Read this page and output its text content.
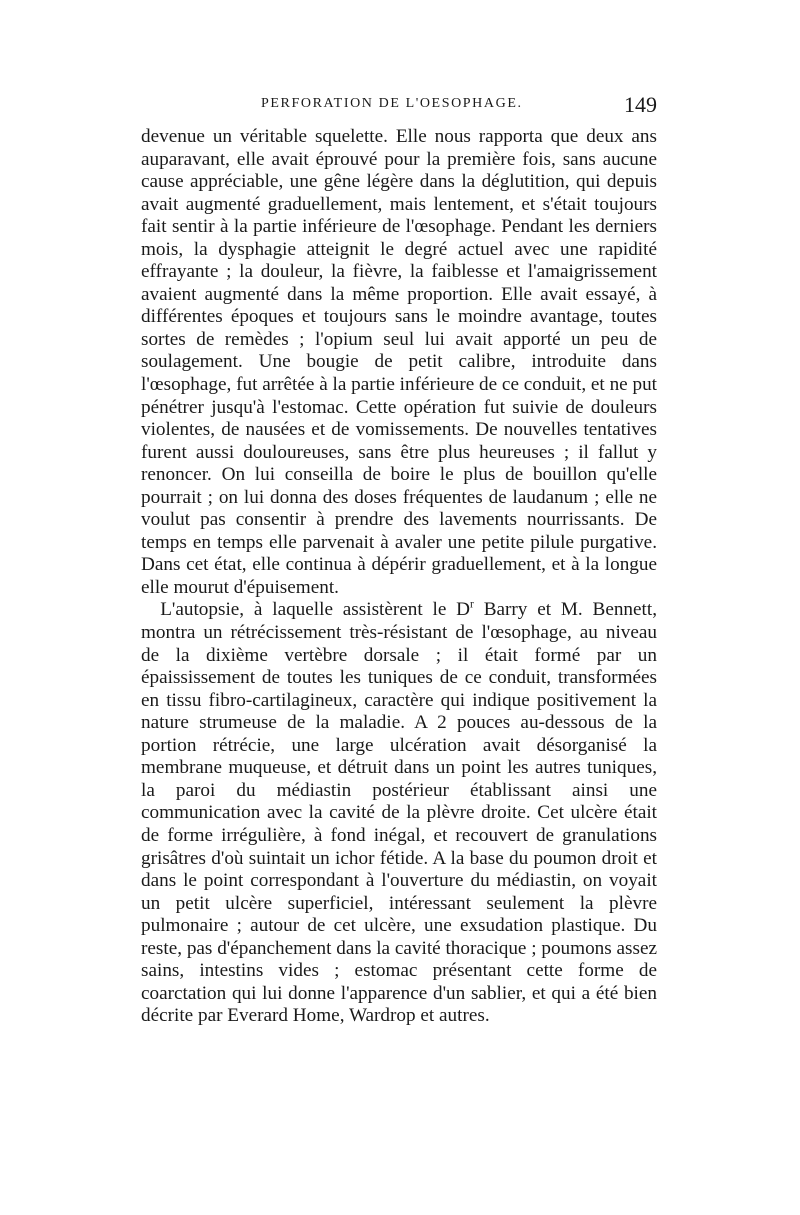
PERFORATION DE L'OESOPHAGE.	149

devenue un véritable squelette. Elle nous rapporta que deux ans auparavant, elle avait éprouvé pour la première fois, sans aucune cause appréciable, une gêne légère dans la déglutition, qui depuis avait augmenté graduellement, mais lentement, et s'était toujours fait sentir à la partie inférieure de l'œsophage. Pendant les derniers mois, la dysphagie atteignit le degré actuel avec une rapidité effrayante ; la douleur, la fièvre, la faiblesse et l'amaigrissement avaient augmenté dans la même proportion. Elle avait essayé, à différentes époques et toujours sans le moindre avantage, toutes sortes de remèdes ; l'opium seul lui avait apporté un peu de soulagement. Une bougie de petit calibre, introduite dans l'œsophage, fut arrêtée à la partie inférieure de ce conduit, et ne put pénétrer jusqu'à l'estomac. Cette opération fut suivie de douleurs violentes, de nausées et de vomissements. De nouvelles tentatives furent aussi douloureuses, sans être plus heureuses ; il fallut y renoncer. On lui conseilla de boire le plus de bouillon qu'elle pourrait ; on lui donna des doses fréquentes de laudanum ; elle ne voulut pas consentir à prendre des lavements nourrissants. De temps en temps elle parvenait à avaler une petite pilule purgative. Dans cet état, elle continua à dépérir graduellement, et à la longue elle mourut d'épuisement.

L'autopsie, à laquelle assistèrent le $D^r$ Barry et M. Bennett, montra un rétrécissement très-résistant de l'œsophage, au niveau de la dixième vertèbre dorsale ; il était formé par un épaississement de toutes les tuniques de ce conduit, transformées en tissu fibro-cartilagineux, caractère qui indique positivement la nature strumeuse de la maladie. A 2 pouces au-dessous de la portion rétrécie, une large ulcération avait désorganisé la membrane muqueuse, et détruit dans un point les autres tuniques, la paroi du médiastin postérieur établissant ainsi une communication avec la cavité de la plèvre droite. Cet ulcère était de forme irrégulière, à fond inégal, et recouvert de granulations grisâtres d'où suintait un ichor fétide. A la base du poumon droit et dans le point correspondant à l'ouverture du médiastin, on voyait un petit ulcère superficiel, intéressant seulement la plèvre pulmonaire ; autour de cet ulcère, une exsudation plastique. Du reste, pas d'épanchement dans la cavité thoracique ; poumons assez sains, intestins vides ; estomac présentant cette forme de coarctation qui lui donne l'apparence d'un sablier, et qui a été bien décrite par Everard Home, Wardrop et autres.
